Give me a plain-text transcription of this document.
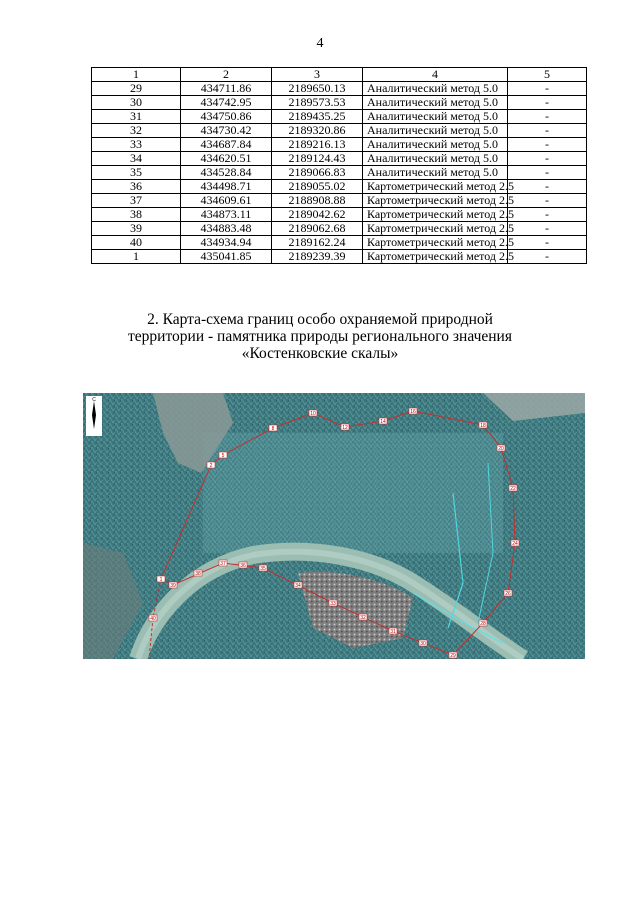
4
1	2	3	4	5
29	434711.86	2189650.13	Аналитический метод 5.0	-
30	434742.95	2189573.53	Аналитический метод 5.0	-
31	434750.86	2189435.25	Аналитический метод 5.0	-
32	434730.42	2189320.86	Аналитический метод 5.0	-
33	434687.84	2189216.13	Аналитический метод 5.0	-
34	434620.51	2189124.43	Аналитический метод 5.0	-
35	434528.84	2189066.83	Аналитический метод 5.0	-
36	434498.71	2189055.02	Картометрический метод 2.5	-
37	434609.61	2188908.88	Картометрический метод 2.5	-
38	434873.11	2189042.62	Картометрический метод 2.5	-
39	434883.48	2189062.68	Картометрический метод 2.5	-
40	434934.94	2189162.24	Картометрический метод 2.5	-
1	435041.85	2189239.39	Картометрический метод 2.5	-
2. Карта-схема границ особо охраняемой природной
территории - памятника природы регионального значения
«Костенковские скалы»
С
1
2
5
8
10
12
14
16
18
20
22
24
26
28
29
30
31
32
33
34
35
36
37
38
39
40
